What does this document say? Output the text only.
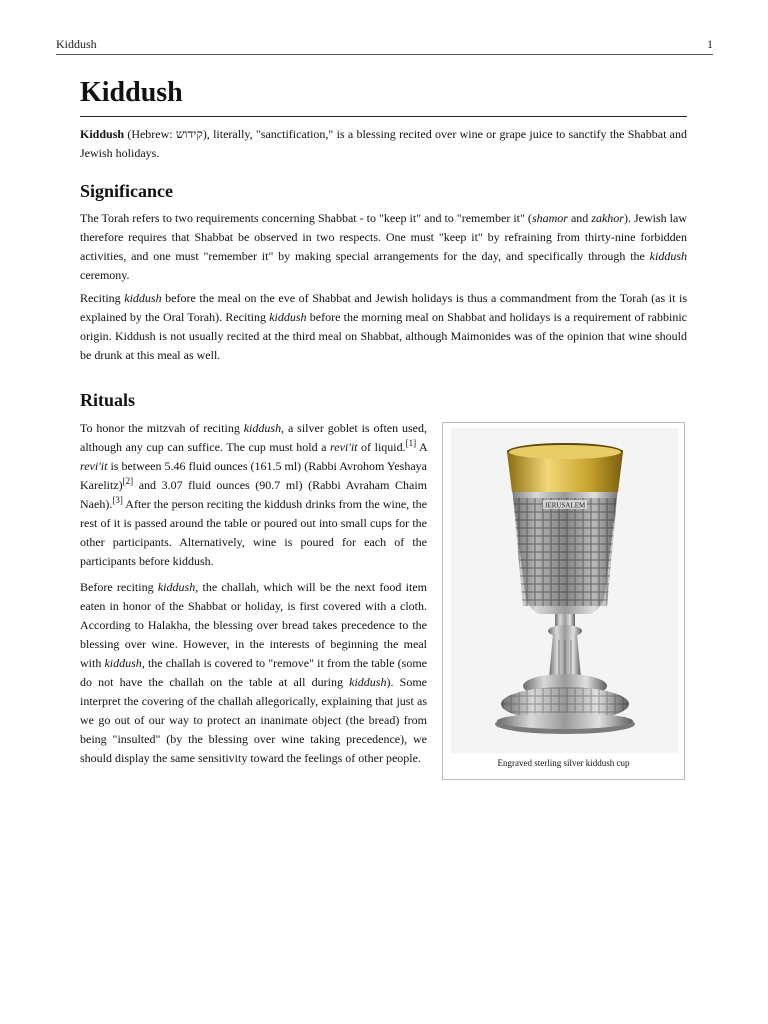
Kiddush	1
Kiddush

Kiddush (Hebrew: קידוש), literally, "sanctification," is a blessing recited over wine or grape juice to sanctify the Shabbat and Jewish holidays.

Significance

The Torah refers to two requirements concerning Shabbat - to "keep it" and to "remember it" (shamor and zakhor). Jewish law therefore requires that Shabbat be observed in two respects. One must "keep it" by refraining from thirty-nine forbidden activities, and one must "remember it" by making special arrangements for the day, and specifically through the kiddush ceremony.

Reciting kiddush before the meal on the eve of Shabbat and Jewish holidays is thus a commandment from the Torah (as it is explained by the Oral Torah). Reciting kiddush before the morning meal on Shabbat and holidays is a requirement of rabbinic origin. Kiddush is not usually recited at the third meal on Shabbat, although Maimonides was of the opinion that wine should be drunk at this meal as well.

Rituals

To honor the mitzvah of reciting kiddush, a silver goblet is often used, although any cup can suffice. The cup must hold a revi'it of liquid.[1] A revi'it is between 5.46 fluid ounces (161.5 ml) (Rabbi Avrohom Yeshaya Karelitz)[2] and 3.07 fluid ounces (90.7 ml) (Rabbi Avraham Chaim Naeh).[3] After the person reciting the kiddush drinks from the wine, the rest of it is passed around the table or poured out into small cups for the other participants. Alternatively, wine is poured for each of the participants before kiddush.

Before reciting kiddush, the challah, which will be the next food item eaten in honor of the Shabbat or holiday, is first covered with a cloth. According to Halakha, the blessing over bread takes precedence to the blessing over wine. However, in the interests of beginning the meal with kiddush, the challah is covered to "remove" it from the table (some do not have the challah on the table at all during kiddush). Some interpret the covering of the challah allegorically, explaining that just as we go out of our way to protect an inanimate object (the bread) from being "insulted" (by the blessing over wine taking precedence), we should display the same sensitivity toward the feelings of other people.

JERUSALEM
Engraved sterling silver kiddush cup
